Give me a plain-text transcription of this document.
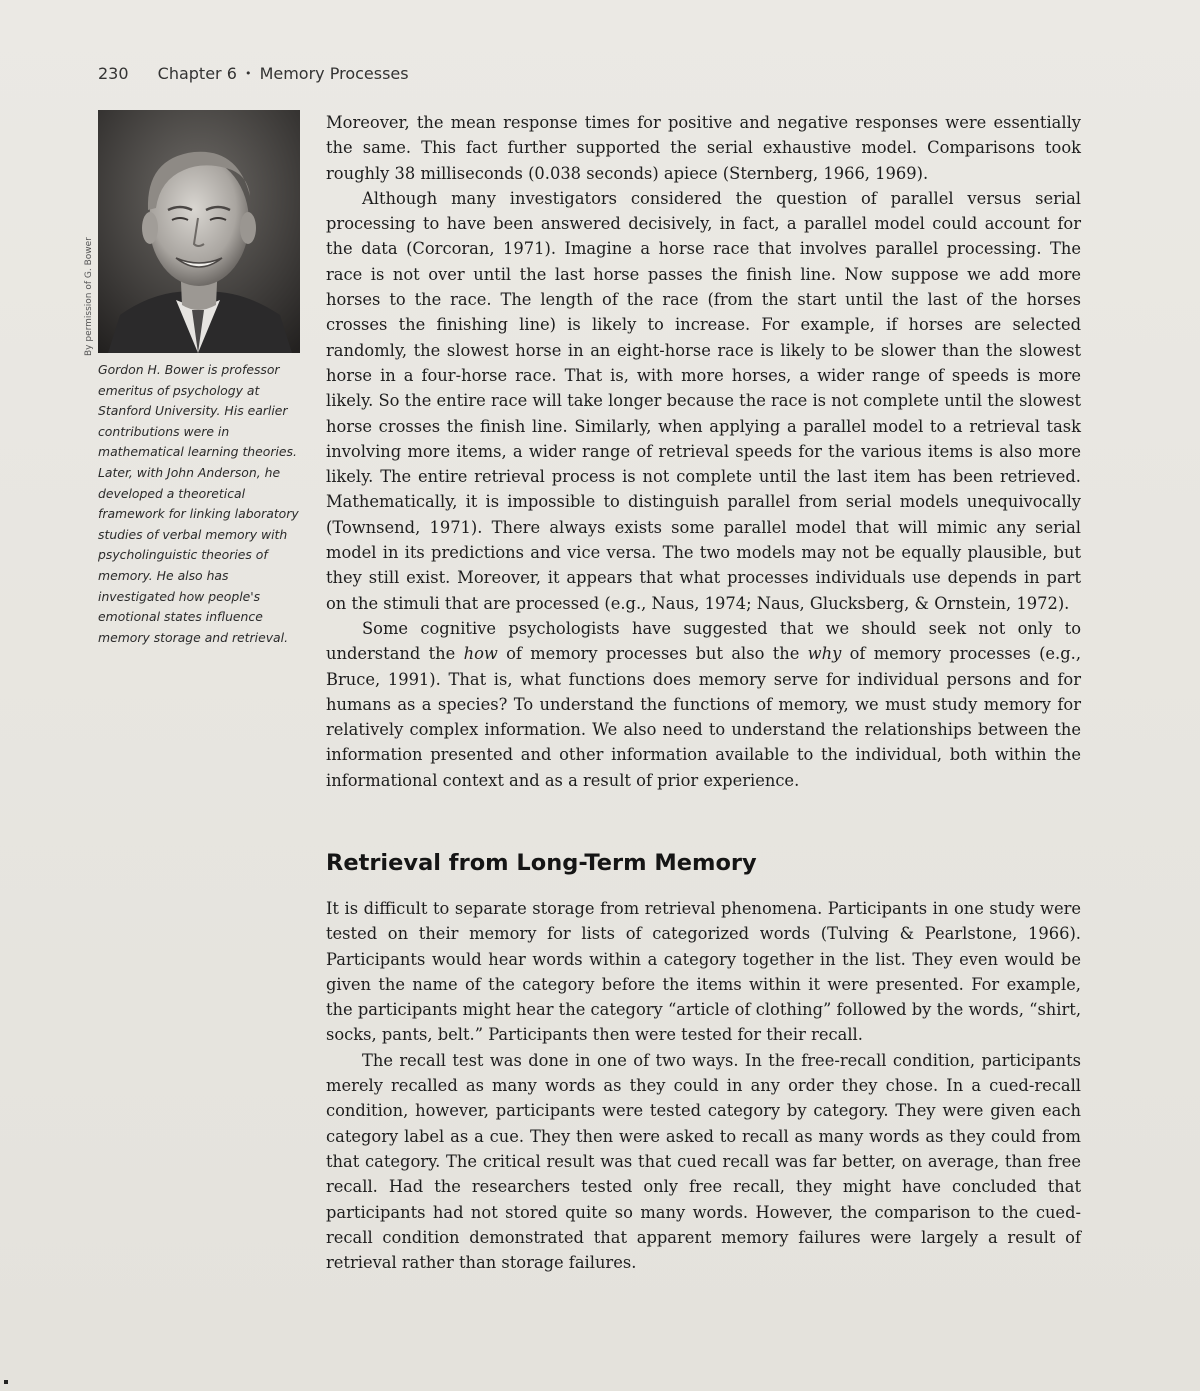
230 Chapter 6 • Memory Processes
By permission of G. Bower
Gordon H. Bower is professor emeritus of psychology at Stanford University. His earlier contributions were in mathematical learning theories. Later, with John Anderson, he developed a theoretical framework for linking laboratory studies of verbal memory with psycholinguistic theories of memory. He also has investigated how people's emotional states influence memory storage and retrieval.

Moreover, the mean response times for positive and negative responses were essentially the same. This fact further supported the serial exhaustive model. Comparisons took roughly 38 milliseconds (0.038 seconds) apiece (Sternberg, 1966, 1969).

Although many investigators considered the question of parallel versus serial processing to have been answered decisively, in fact, a parallel model could account for the data (Corcoran, 1971). Imagine a horse race that involves parallel processing. The race is not over until the last horse passes the finish line. Now suppose we add more horses to the race. The length of the race (from the start until the last of the horses crosses the finishing line) is likely to increase. For example, if horses are selected randomly, the slowest horse in an eight-horse race is likely to be slower than the slowest horse in a four-horse race. That is, with more horses, a wider range of speeds is more likely. So the entire race will take longer because the race is not complete until the slowest horse crosses the finish line. Similarly, when applying a parallel model to a retrieval task involving more items, a wider range of retrieval speeds for the various items is also more likely. The entire retrieval process is not complete until the last item has been retrieved. Mathematically, it is impossible to distinguish parallel from serial models unequivocally (Townsend, 1971). There always exists some parallel model that will mimic any serial model in its predictions and vice versa. The two models may not be equally plausible, but they still exist. Moreover, it appears that what processes individuals use depends in part on the stimuli that are processed (e.g., Naus, 1974; Naus, Glucksberg, & Ornstein, 1972).

Some cognitive psychologists have suggested that we should seek not only to understand the how of memory processes but also the why of memory processes (e.g., Bruce, 1991). That is, what functions does memory serve for individual persons and for humans as a species? To understand the functions of memory, we must study memory for relatively complex information. We also need to understand the relationships between the information presented and other information available to the individual, both within the informational context and as a result of prior experience.

Retrieval from Long-Term Memory

It is difficult to separate storage from retrieval phenomena. Participants in one study were tested on their memory for lists of categorized words (Tulving & Pearlstone, 1966). Participants would hear words within a category together in the list. They even would be given the name of the category before the items within it were presented. For example, the participants might hear the category “article of clothing” followed by the words, “shirt, socks, pants, belt.” Participants then were tested for their recall.

The recall test was done in one of two ways. In the free-recall condition, participants merely recalled as many words as they could in any order they chose. In a cued-recall condition, however, participants were tested category by category. They were given each category label as a cue. They then were asked to recall as many words as they could from that category. The critical result was that cued recall was far better, on average, than free recall. Had the researchers tested only free recall, they might have concluded that participants had not stored quite so many words. However, the comparison to the cued-recall condition demonstrated that apparent memory failures were largely a result of retrieval rather than storage failures.
